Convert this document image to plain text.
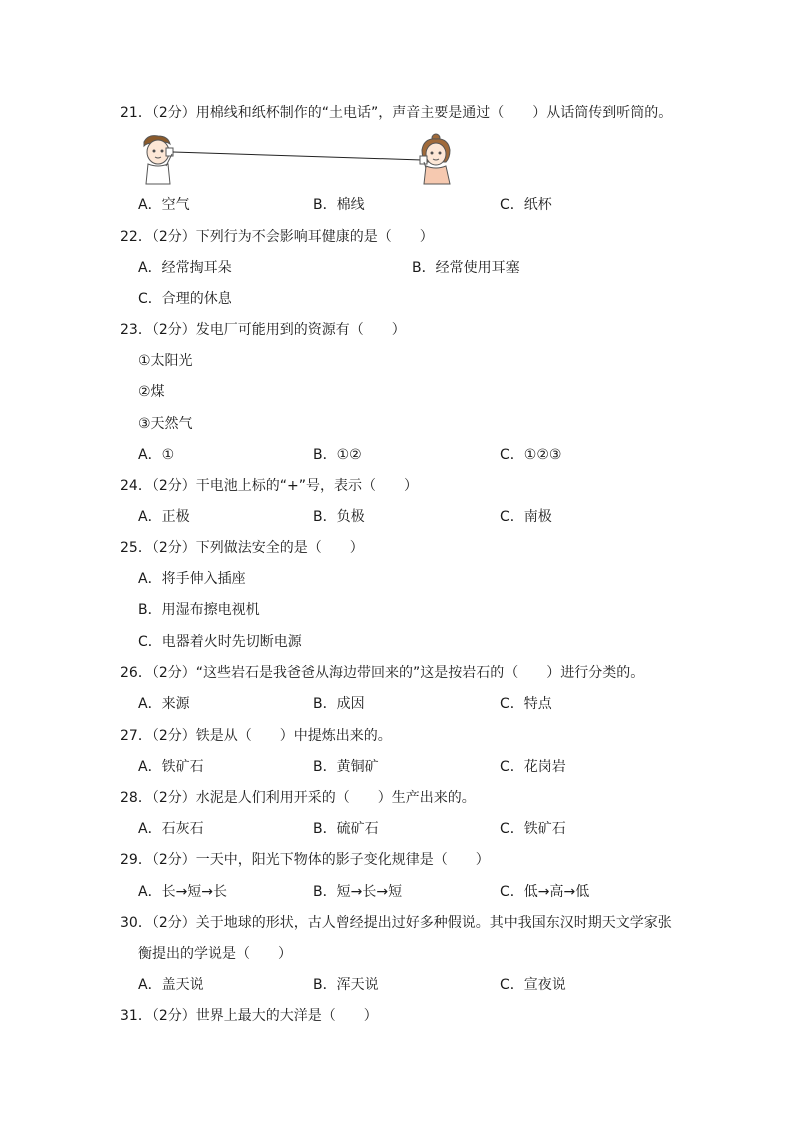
21．（2分）用棉线和纸杯制作的“土电话”，声音主要是通过（　　）从话筒传到听筒的。
A．空气	B．棉线	C．纸杯
22．（2分）下列行为不会影响耳健康的是（　　）
A．经常掏耳朵	B．经常使用耳塞
C．合理的休息
23．（2分）发电厂可能用到的资源有（　　）
①太阳光
②煤
③天然气
A．①	B．①②	C．①②③
24．（2分）干电池上标的“+”号，表示（　　）
A．正极	B．负极	C．南极
25．（2分）下列做法安全的是（　　）
A．将手伸入插座
B．用湿布擦电视机
C．电器着火时先切断电源
26．（2分）“这些岩石是我爸爸从海边带回来的”这是按岩石的（　　）进行分类的。
A．来源	B．成因	C．特点
27．（2分）铁是从（　　）中提炼出来的。
A．铁矿石	B．黄铜矿	C．花岗岩
28．（2分）水泥是人们利用开采的（　　）生产出来的。
A．石灰石	B．硫矿石	C．铁矿石
29．（2分）一天中，阳光下物体的影子变化规律是（　　）
A．长→短→长	B．短→长→短	C．低→高→低
30．（2分）关于地球的形状，古人曾经提出过好多种假说。其中我国东汉时期天文学家张
衡提出的学说是（　　）
A．盖天说	B．浑天说	C．宣夜说
31．（2分）世界上最大的大洋是（　　）
